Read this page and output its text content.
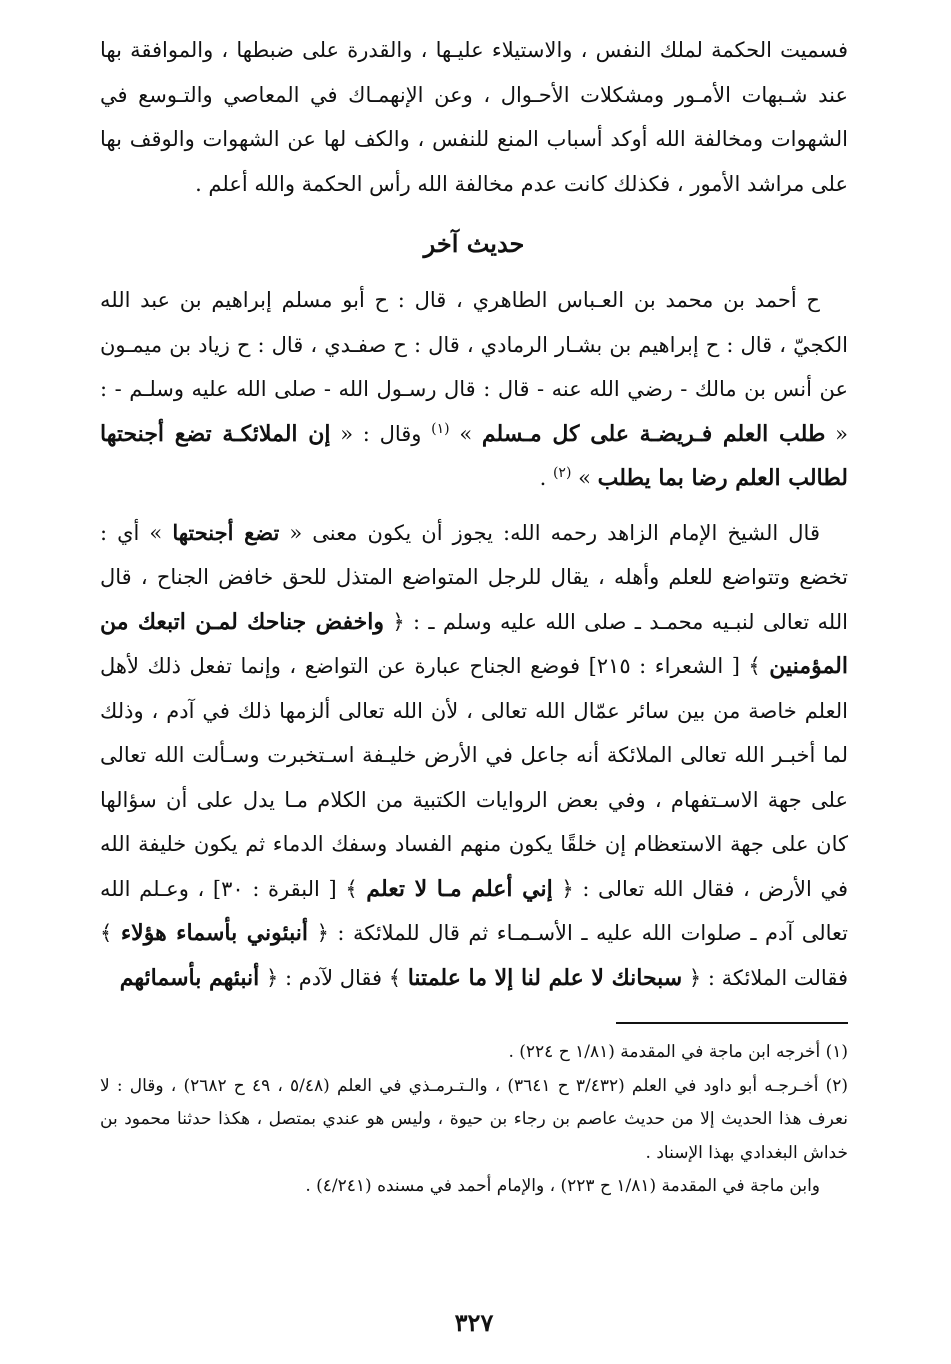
فسميت الحكمة لملك النفس ، والاستيلاء عليـها ، والقدرة على ضبطها ، والموافقة بها عند شـبهات الأمـور ومشكلات الأحـوال ، وعن الإنهمـاك في المعاصي والتـوسع في الشهوات ومخالفة الله أوكد أسباب المنع للنفس ، والكف لها عن الشهوات والوقف بها على مراشد الأمور ، فكذلك كانت عدم مخالفة الله رأس الحكمة والله أعلم .

حديث آخر

ح أحمد بن محمد بن العـباس الطاهري ، قال : ح أبو مسلم إبراهيم بن عبد الله الكجيّ ، قال : ح إبراهيم بن بشـار الرمادي ، قال : ح صفـدي ، قال : ح زياد بن ميمـون عن أنس بن مالك - رضي الله عنه - قال : قال رسـول الله - صلى الله عليه وسلـم - : « طلب العلم فـريضـة على كل مـسلم » $^{(١)}$ وقال : « إن الملائكـة تضع أجنحتها لطالب العلم رضا بما يطلب » $^{(٢)}$ .

قال الشيخ الإمام الزاهد رحمه الله: يجوز أن يكون معنى « تضع أجنحتها » أي : تخضع وتتواضع للعلم وأهله ، يقال للرجل المتواضع المتذل للحق خافض الجناح ، قال الله تعالى لنبـيه محمـد ـ صلى الله عليه وسلم ـ : ﴿ واخفض جناحك لمـن اتبعك من المؤمنين ﴾ [ الشعراء : ٢١٥] فوضع الجناح عبارة عن التواضع ، وإنما تفعل ذلك لأهل العلم خاصة من بين سائر عمّال الله تعالى ، لأن الله تعالى ألزمها ذلك في آدم ، وذلك لما أخبـر الله تعالى الملائكة أنه جاعل في الأرض خليـفة اسـتخبرت وسـألت الله تعالى على جهة الاسـتفهام ، وفي بعض الروايات الكتبية من الكلام مـا يدل على أن سؤالها كان على جهة الاستعظام إن خلقًا يكون منهم الفساد وسفك الدماء ثم يكون خليفة الله في الأرض ، فقال الله تعالى : ﴿ إني أعلم مـا لا تعلم ﴾ [ البقرة : ٣٠] ، وعـلم الله تعالى آدم ـ صلوات الله عليه ـ الأسـمـاء ثم قال للملائكة : ﴿ أنبئوني بأسماء هؤلاء ﴾ فقالت الملائكة : ﴿ سبحانك لا علم لنا إلا ما علمتنا ﴾ فقال لآدم : ﴿ أنبئهم بأسمائهم

(١) أخرجه ابن ماجة في المقدمة (١/٨١ ح ٢٢٤) .

(٢) أخـرجـه أبو داود في العلم (٣/٤٣٢ ح ٣٦٤١) ، والـتـرمـذي في العلم (٥/٤٨ ، ٤٩ ح ٢٦٨٢) ، وقال : لا نعرف هذا الحديث إلا من حديث عاصم بن رجاء بن حيوة ، وليس هو عندي بمتصل ، هكذا حدثنا محمود بن خداش البغدادي بهذا الإسناد .

وابن ماجة في المقدمة (١/٨١ ح ٢٢٣) ، والإمام أحمد في مسنده (٤/٢٤١) .

٣٢٧
